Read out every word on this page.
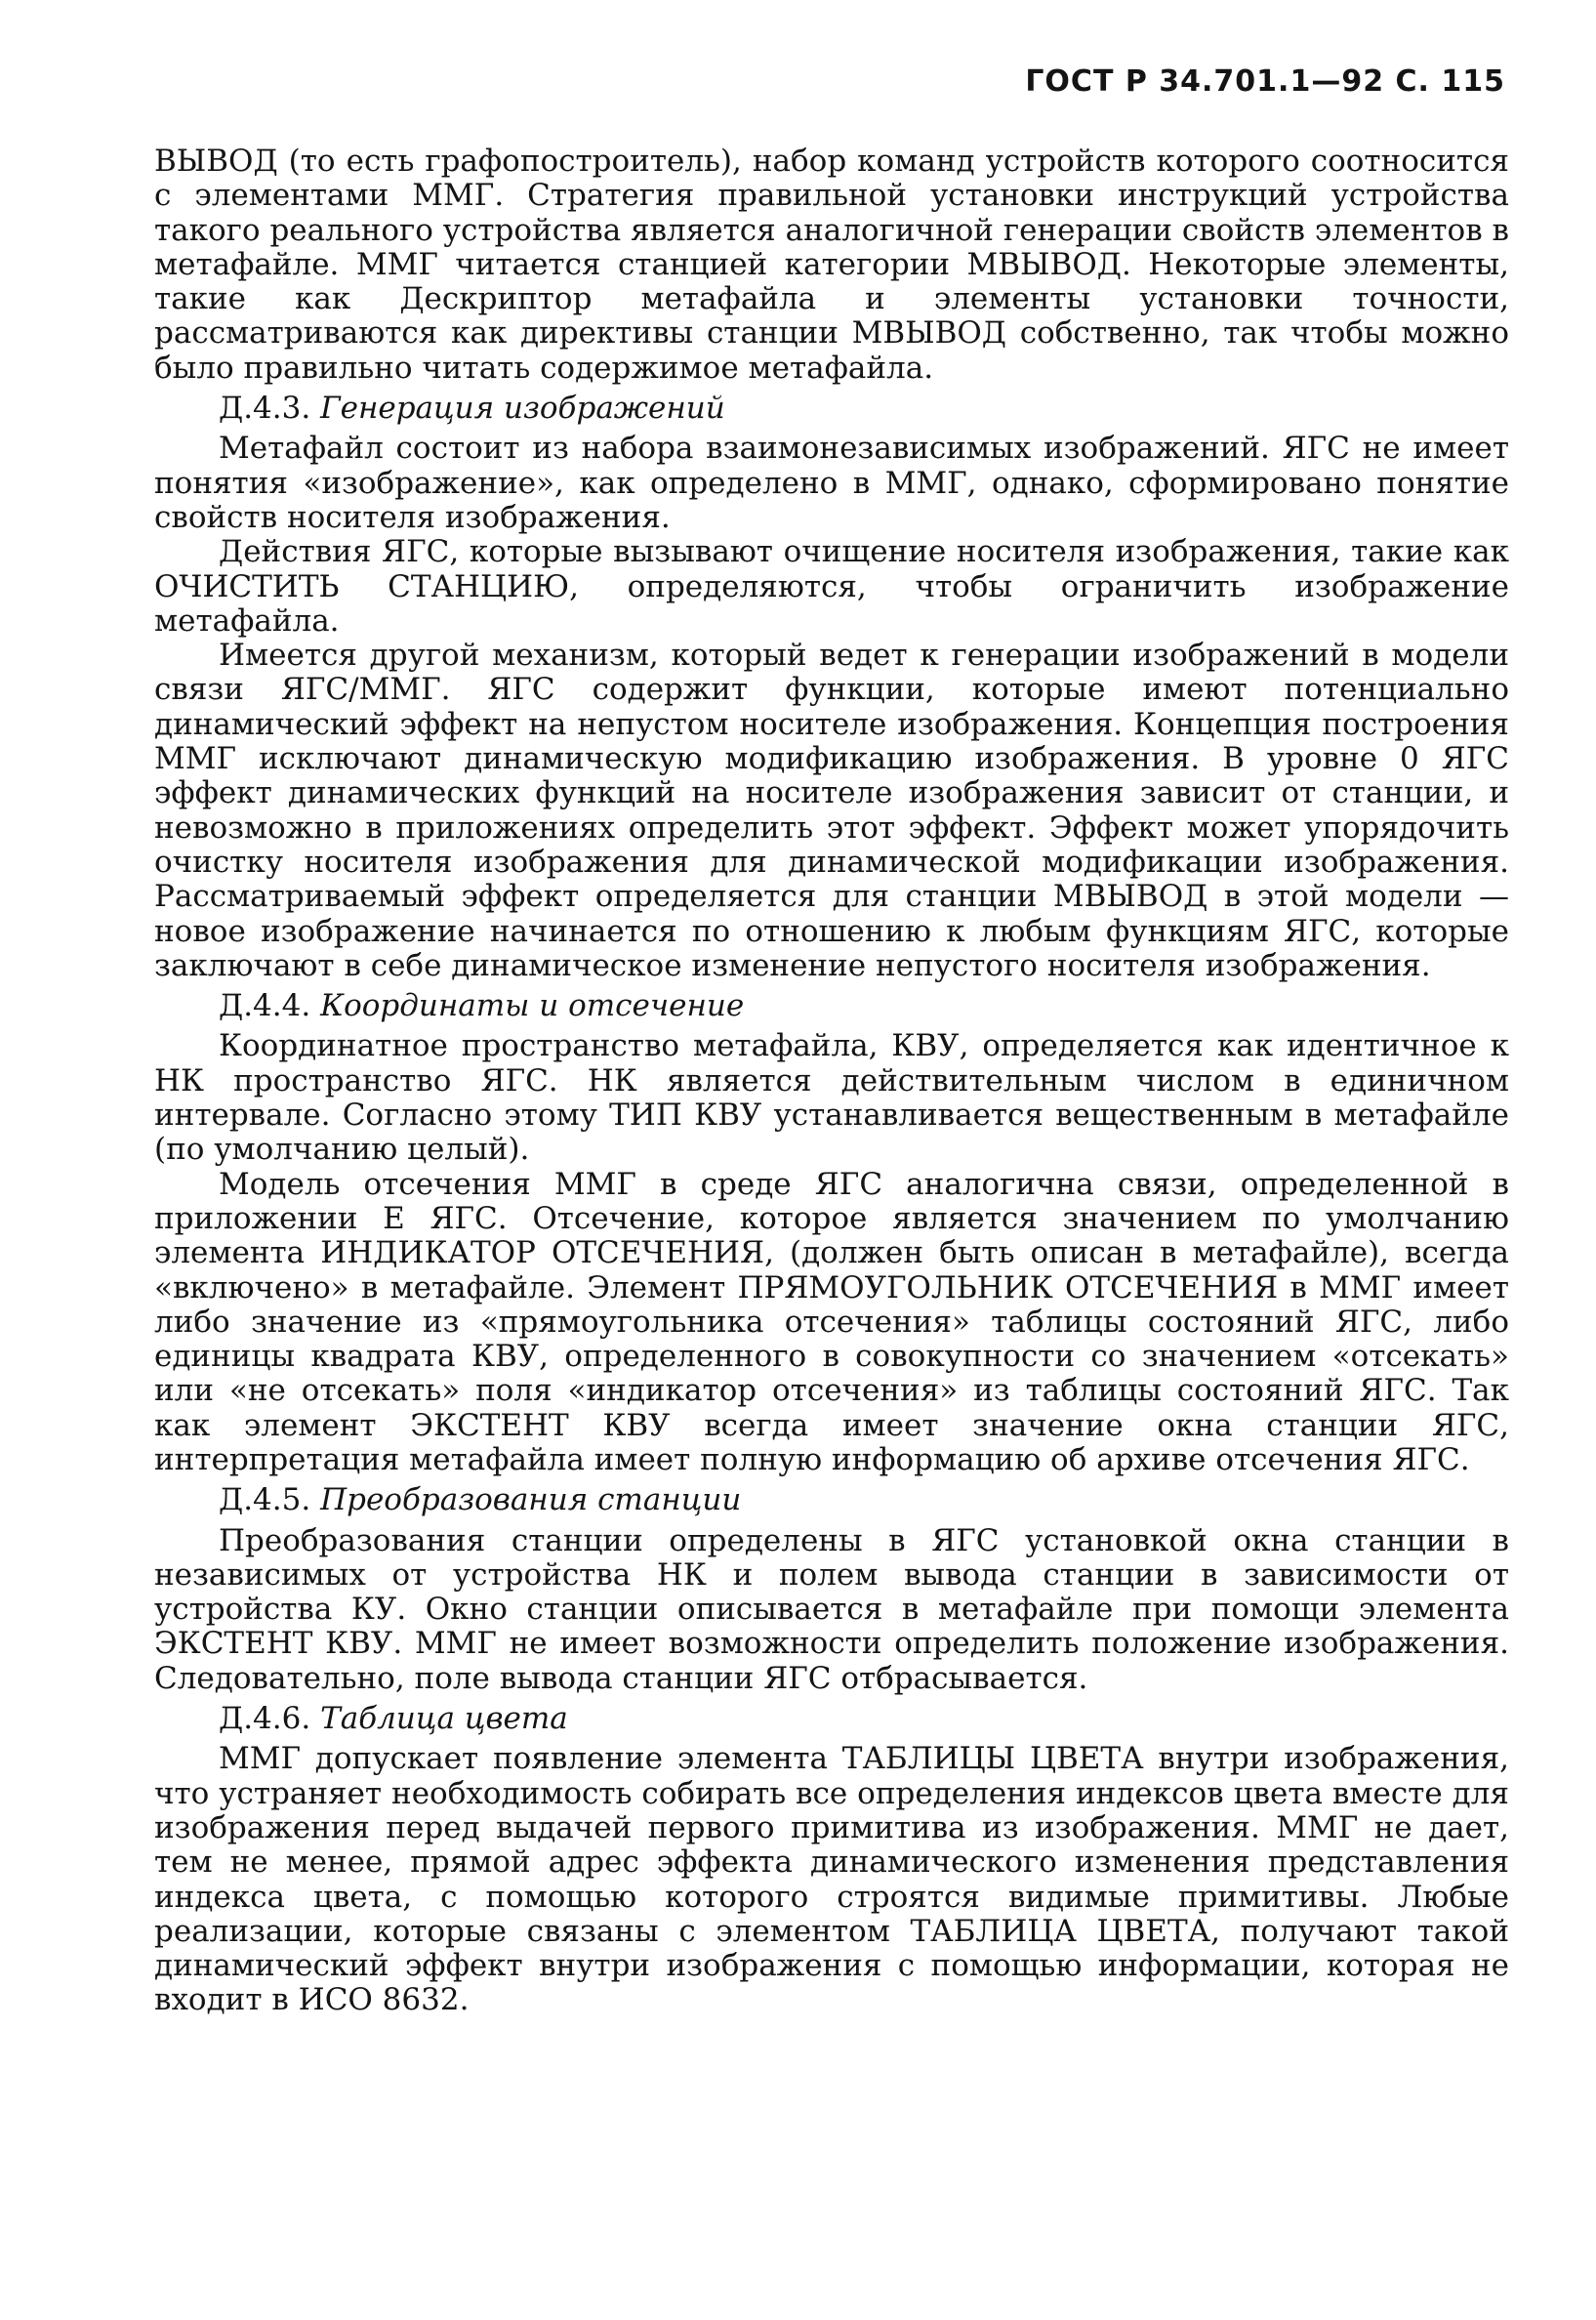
ГОСТ Р 34.701.1—92 С. 115

ВЫВОД (то есть графопостроитель), набор команд устройств которого соотносится с элементами ММГ. Стратегия правильной установки инструкций устройства такого реального устройства является аналогичной генерации свойств элементов в метафайле. ММГ читается станцией категории МВЫВОД. Некоторые элементы, такие как Дескриптор метафайла и элементы установки точности, рассматриваются как директивы станции МВЫВОД собственно, так чтобы можно было правильно читать содержимое метафайла.

Д.4.3. Генерация изображений

Метафайл состоит из набора взаимонезависимых изображений. ЯГС не имеет понятия «изображение», как определено в ММГ, однако, сформировано понятие свойств носителя изображения.

Действия ЯГС, которые вызывают очищение носителя изображения, такие как ОЧИСТИТЬ СТАНЦИЮ, определяются, чтобы ограничить изображение метафайла.

Имеется другой механизм, который ведет к генерации изображений в модели связи ЯГС/ММГ. ЯГС содержит функции, которые имеют потенциально динамический эффект на непустом носителе изображения. Концепция построения ММГ исключают динамическую модификацию изображения. В уровне 0 ЯГС эффект динамических функций на носителе изображения зависит от станции, и невозможно в приложениях определить этот эффект. Эффект может упорядочить очистку носителя изображения для динамической модификации изображения. Рассматриваемый эффект определяется для станции МВЫВОД в этой модели — новое изображение начинается по отношению к любым функциям ЯГС, которые заключают в себе динамическое изменение непустого носителя изображения.

Д.4.4. Координаты и отсечение

Координатное пространство метафайла, КВУ, определяется как идентичное к НК пространство ЯГС. НК является действительным числом в единичном интервале. Согласно этому ТИП КВУ устанавливается вещественным в метафайле (по умолчанию целый).

Модель отсечения ММГ в среде ЯГС аналогична связи, определенной в приложении Е ЯГС. Отсечение, которое является значением по умолчанию элемента ИНДИКАТОР ОТСЕЧЕНИЯ, (должен быть описан в метафайле), всегда «включено» в метафайле. Элемент ПРЯМОУГОЛЬНИК ОТСЕЧЕНИЯ в ММГ имеет либо значение из «прямоугольника отсечения» таблицы состояний ЯГС, либо единицы квадрата КВУ, определенного в совокупности со значением «отсекать» или «не отсекать» поля «индикатор отсечения» из таблицы состояний ЯГС. Так как элемент ЭКСТЕНТ КВУ всегда имеет значение окна станции ЯГС, интерпретация метафайла имеет полную информацию об архиве отсечения ЯГС.

Д.4.5. Преобразования станции

Преобразования станции определены в ЯГС установкой окна станции в независимых от устройства НК и полем вывода станции в зависимости от устройства КУ. Окно станции описывается в метафайле при помощи элемента ЭКСТЕНТ КВУ. ММГ не имеет возможности определить положение изображения. Следовательно, поле вывода станции ЯГС отбрасывается.

Д.4.6. Таблица цвета

ММГ допускает появление элемента ТАБЛИЦЫ ЦВЕТА внутри изображения, что устраняет необходимость собирать все определения индексов цвета вместе для изображения перед выдачей первого примитива из изображения. ММГ не дает, тем не менее, прямой адрес эффекта динамического изменения представления индекса цвета, с помощью которого строятся видимые примитивы. Любые реализации, которые связаны с элементом ТАБЛИЦА ЦВЕТА, получают такой динамический эффект внутри изображения с помощью информации, которая не входит в ИСО 8632.
